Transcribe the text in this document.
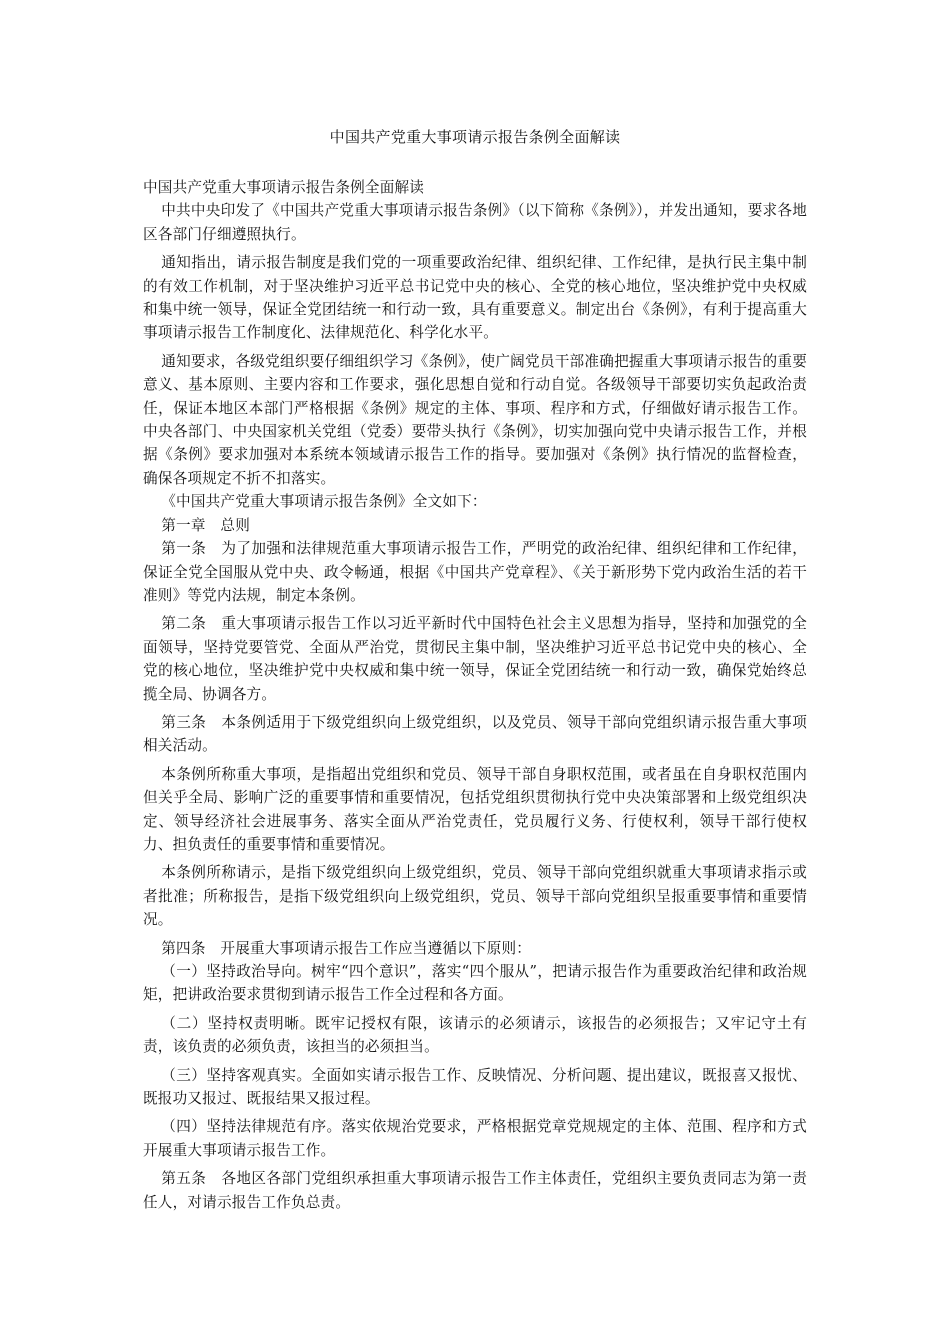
中国共产党重大事项请示报告条例全面解读

中国共产党重大事项请示报告条例全面解读

中共中央印发了《中国共产党重大事项请示报告条例》（以下简称《条例》），并发出通知，要求各地区各部门仔细遵照执行。

通知指出，请示报告制度是我们党的一项重要政治纪律、组织纪律、工作纪律，是执行民主集中制的有效工作机制，对于坚决维护习近平总书记党中央的核心、全党的核心地位，坚决维护党中央权威和集中统一领导，保证全党团结统一和行动一致，具有重要意义。制定出台《条例》，有利于提高重大事项请示报告工作制度化、法律规范化、科学化水平。

通知要求，各级党组织要仔细组织学习《条例》，使广阔党员干部准确把握重大事项请示报告的重要意义、基本原则、主要内容和工作要求，强化思想自觉和行动自觉。各级领导干部要切实负起政治责任，保证本地区本部门严格根据《条例》规定的主体、事项、程序和方式，仔细做好请示报告工作。中央各部门、中央国家机关党组（党委）要带头执行《条例》，切实加强向党中央请示报告工作，并根据《条例》要求加强对本系统本领域请示报告工作的指导。要加强对《条例》执行情况的监督检查，确保各项规定不折不扣落实。

《中国共产党重大事项请示报告条例》全文如下：

第一章　总则

第一条　为了加强和法律规范重大事项请示报告工作，严明党的政治纪律、组织纪律和工作纪律，保证全党全国服从党中央、政令畅通，根据《中国共产党章程》、《关于新形势下党内政治生活的若干准则》等党内法规，制定本条例。

第二条　重大事项请示报告工作以习近平新时代中国特色社会主义思想为指导，坚持和加强党的全面领导，坚持党要管党、全面从严治党，贯彻民主集中制，坚决维护习近平总书记党中央的核心、全党的核心地位，坚决维护党中央权威和集中统一领导，保证全党团结统一和行动一致，确保党始终总揽全局、协调各方。

第三条　本条例适用于下级党组织向上级党组织，以及党员、领导干部向党组织请示报告重大事项相关活动。

本条例所称重大事项，是指超出党组织和党员、领导干部自身职权范围，或者虽在自身职权范围内但关乎全局、影响广泛的重要事情和重要情况，包括党组织贯彻执行党中央决策部署和上级党组织决定、领导经济社会进展事务、落实全面从严治党责任，党员履行义务、行使权利，领导干部行使权力、担负责任的重要事情和重要情况。

本条例所称请示，是指下级党组织向上级党组织，党员、领导干部向党组织就重大事项请求指示或者批准；所称报告，是指下级党组织向上级党组织，党员、领导干部向党组织呈报重要事情和重要情况。

第四条　开展重大事项请示报告工作应当遵循以下原则：

（一）坚持政治导向。树牢“四个意识”，落实“四个服从”，把请示报告作为重要政治纪律和政治规矩，把讲政治要求贯彻到请示报告工作全过程和各方面。

（二）坚持权责明晰。既牢记授权有限，该请示的必须请示，该报告的必须报告；又牢记守土有责，该负责的必须负责，该担当的必须担当。

（三）坚持客观真实。全面如实请示报告工作、反映情况、分析问题、提出建议，既报喜又报忧、既报功又报过、既报结果又报过程。

（四）坚持法律规范有序。落实依规治党要求，严格根据党章党规规定的主体、范围、程序和方式开展重大事项请示报告工作。

第五条　各地区各部门党组织承担重大事项请示报告工作主体责任，党组织主要负责同志为第一责任人，对请示报告工作负总责。
